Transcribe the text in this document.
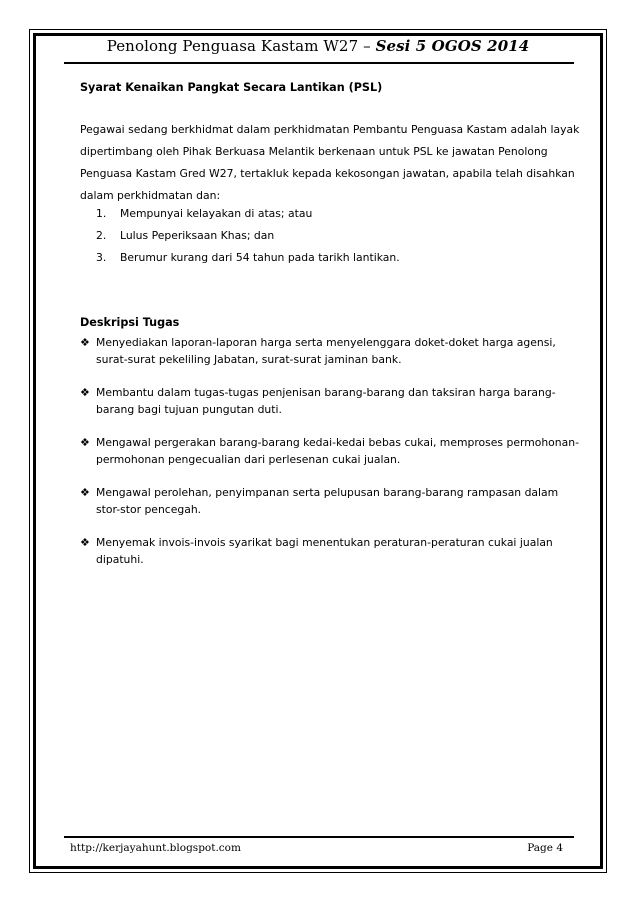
Penolong Penguasa Kastam W27 – Sesi 5 OGOS 2014
Syarat Kenaikan Pangkat Secara Lantikan (PSL)
Pegawai sedang berkhidmat dalam perkhidmatan Pembantu Penguasa Kastam adalah layak
dipertimbang oleh Pihak Berkuasa Melantik berkenaan untuk PSL ke jawatan Penolong
Penguasa Kastam Gred W27, tertakluk kepada kekosongan jawatan, apabila telah disahkan
dalam perkhidmatan dan:
1. Mempunyai kelayakan di atas; atau
2. Lulus Peperiksaan Khas; dan
3. Berumur kurang dari 54 tahun pada tarikh lantikan.
Deskripsi Tugas
❖ Menyediakan laporan-laporan harga serta menyelenggara doket-doket harga agensi,
surat-surat pekeliling Jabatan, surat-surat jaminan bank.
❖ Membantu dalam tugas-tugas penjenisan barang-barang dan taksiran harga barang-
barang bagi tujuan pungutan duti.
❖ Mengawal pergerakan barang-barang kedai-kedai bebas cukai, memproses permohonan-
permohonan pengecualian dari perlesenan cukai jualan.
❖ Mengawal perolehan, penyimpanan serta pelupusan barang-barang rampasan dalam
stor-stor pencegah.
❖ Menyemak invois-invois syarikat bagi menentukan peraturan-peraturan cukai jualan
dipatuhi.
http://kerjayahunt.blogspot.com	Page 4
